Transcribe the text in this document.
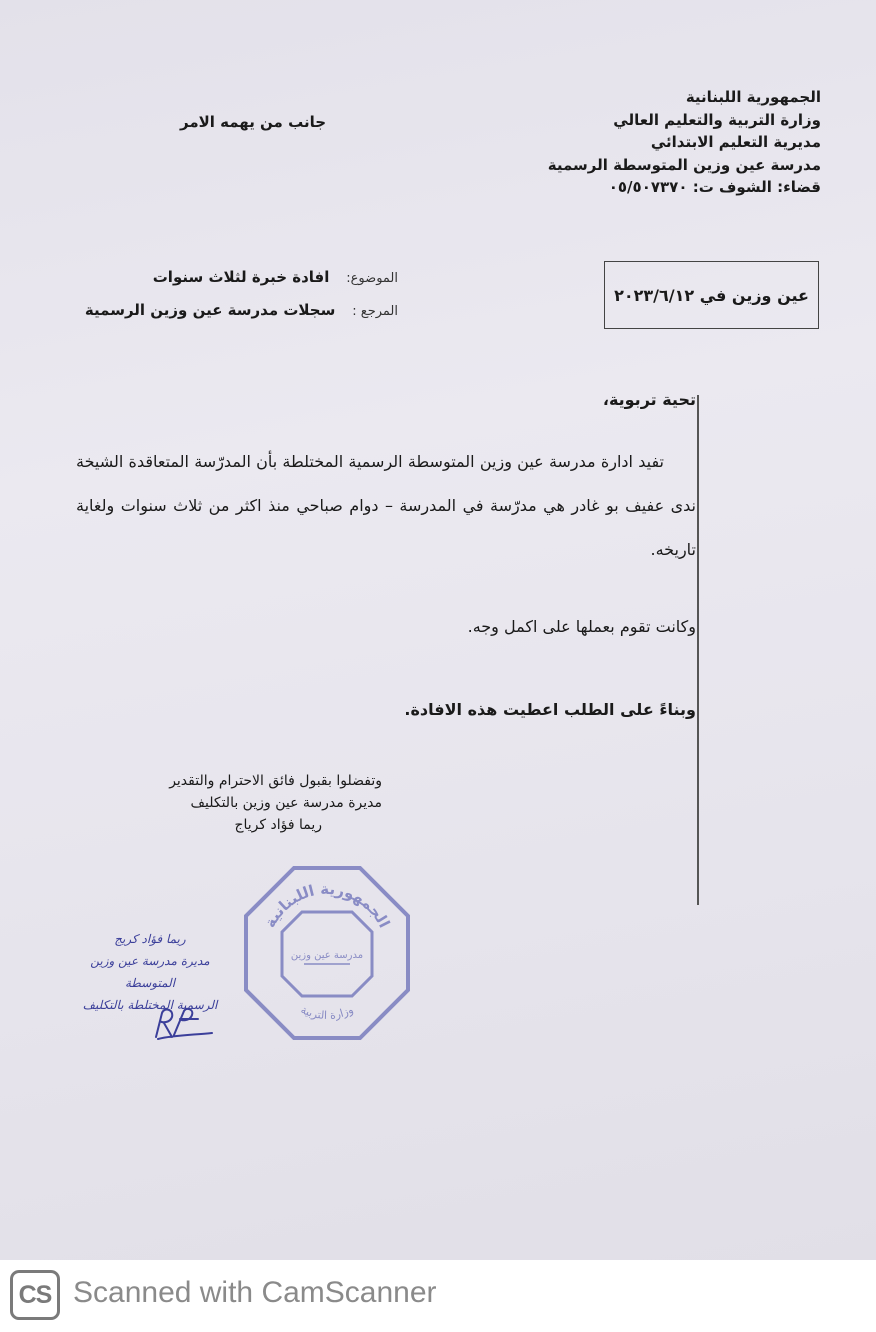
الجمهورية اللبنانية
وزارة التربية والتعليم العالي
مديرية التعليم الابتدائي
مدرسة عين وزين المتوسطة الرسمية
قضاء: الشوف ت: ٠٥/٥٠٧٣٧٠
جانب من يهمه الامر
الموضوع:  افادة خبرة لثلاث سنوات
المرجع :  سجلات مدرسة عين وزين الرسمية
عين وزين في ٢٠٢٣/٦/١٢
تحية تربوية،
تفيد ادارة مدرسة عين وزين المتوسطة الرسمية المختلطة بأن المدرّسة المتعاقدة الشيخة ندى عفيف بو غادر هي مدرّسة في المدرسة – دوام صباحي منذ اكثر من ثلاث سنوات ولغاية تاريخه.
وكانت تقوم بعملها على اكمل وجه.
وبناءً على الطلب اعطيت هذه الافادة.
وتفضلوا بقبول فائق الاحترام والتقدير
مديرة مدرسة عين وزين بالتكليف
ريما فؤاد كرياج
الجمهورية اللبنانية
وزارة التربية
مدرسة عين وزين
ريما فؤاد كريج
مديرة مدرسة عين وزين المتوسطة
الرسمية المختلطة بالتكليف
CS Scanned with CamScanner
